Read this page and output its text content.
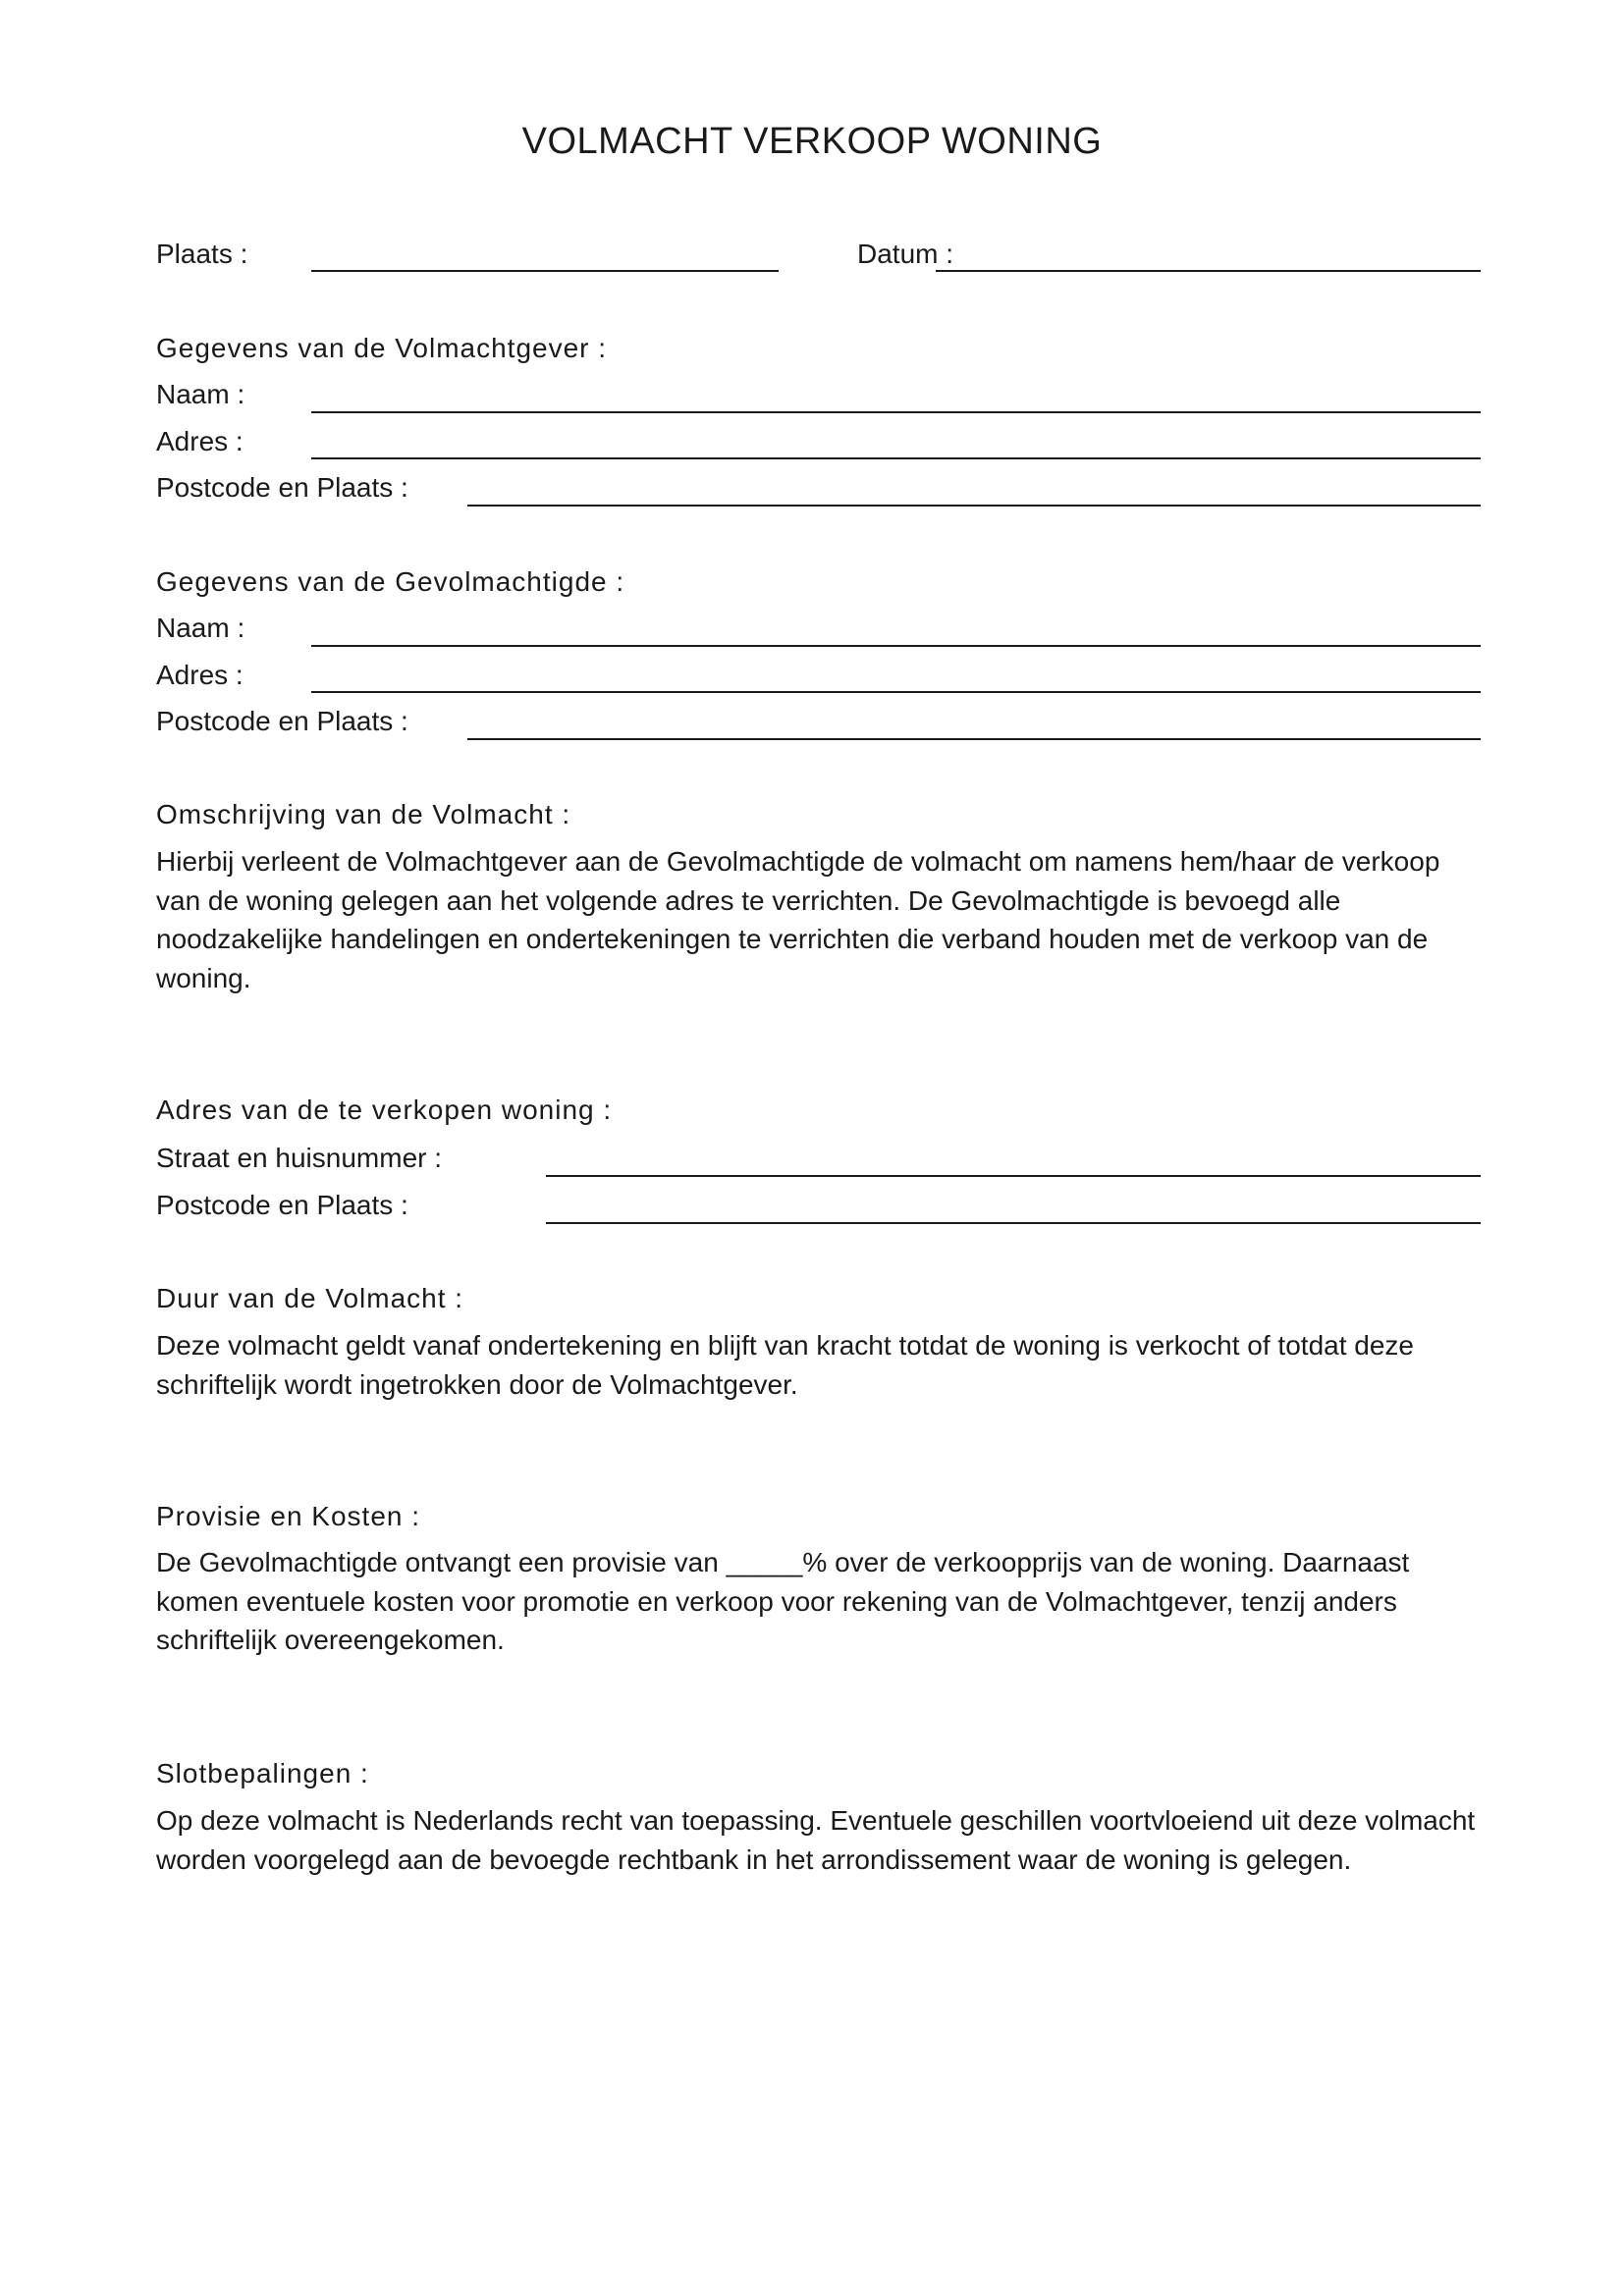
VOLMACHT VERKOOP WONING
Plaats :	Datum :
Gegevens van de Volmachtgever :
Naam :
Adres :
Postcode en Plaats :
Gegevens van de Gevolmachtigde :
Naam :
Adres :
Postcode en Plaats :
Omschrijving van de Volmacht :

Hierbij verleent de Volmachtgever aan de Gevolmachtigde de volmacht om namens hem/haar de verkoop van de woning gelegen aan het volgende adres te verrichten. De Gevolmachtigde is bevoegd alle noodzakelijke handelingen en ondertekeningen te verrichten die verband houden met de verkoop van de woning.

Adres van de te verkopen woning :
Straat en huisnummer :
Postcode en Plaats :
Duur van de Volmacht :

Deze volmacht geldt vanaf ondertekening en blijft van kracht totdat de woning is verkocht of totdat deze schriftelijk wordt ingetrokken door de Volmachtgever.

Provisie en Kosten :

De Gevolmachtigde ontvangt een provisie van _____% over de verkoopprijs van de woning. Daarnaast komen eventuele kosten voor promotie en verkoop voor rekening van de Volmachtgever, tenzij anders schriftelijk overeengekomen.

Slotbepalingen :

Op deze volmacht is Nederlands recht van toepassing. Eventuele geschillen voortvloeiend uit deze volmacht worden voorgelegd aan de bevoegde rechtbank in het arrondissement waar de woning is gelegen.
